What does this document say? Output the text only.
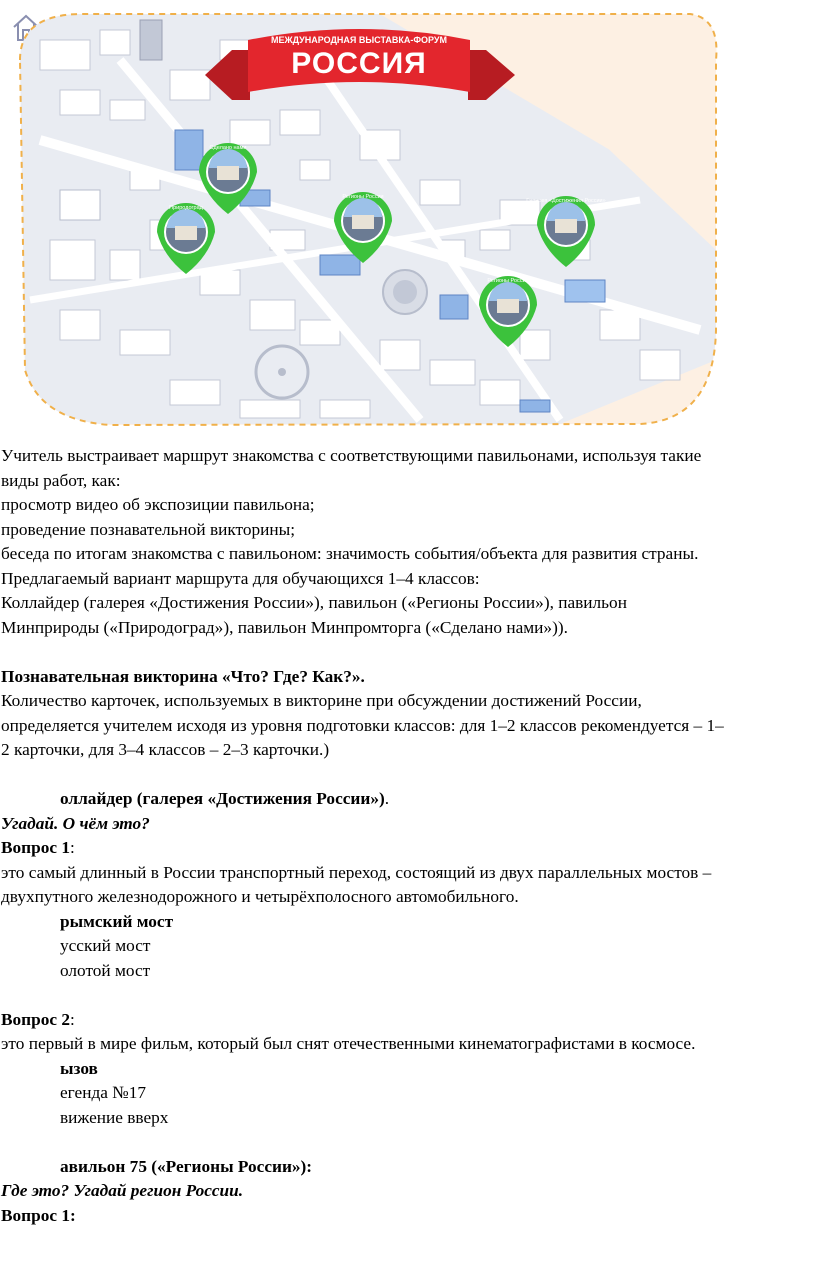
МЕЖДУНАРОДНАЯ ВЫСТАВКА-ФОРУМ
РОССИЯ
Природоград
Сделано нами
Регионы России
Галерея «Достижения России»
Регионы России

Учитель выстраивает маршрут знакомства с соответствующими павильонами, используя такие

виды работ, как:

просмотр видео об экспозиции павильона;

проведение познавательной викторины;

беседа по итогам знакомства с павильоном: значимость события/объекта для развития страны.

Предлагаемый вариант маршрута для обучающихся 1–4 классов:

Коллайдер (галерея «Достижения России»), павильон («Регионы России»), павильон

Минприроды («Природоград»), павильон Минпромторга («Сделано нами»)).

Познавательная викторина «Что? Где? Как?».

Количество карточек, используемых в викторине при обсуждении достижений России,

определяется учителем исходя из уровня подготовки классов: для 1–2 классов рекомендуется – 1–

2 карточки, для 3–4 классов – 2–3 карточки.)

оллайдер (галерея «Достижения России»).

Угадай. О чём это?

Вопрос 1:

это самый длинный в России транспортный переход, состоящий из двух параллельных мостов –

двухпутного железнодорожного и четырёхполосного автомобильного.

рымский мост

усский мост

олотой мост

Вопрос 2:

это первый в мире фильм, который был снят отечественными кинематографистами в космосе.

ызов

егенда №17

вижение вверх

авильон 75 («Регионы России»):

Где это? Угадай регион России.

Вопрос 1:
